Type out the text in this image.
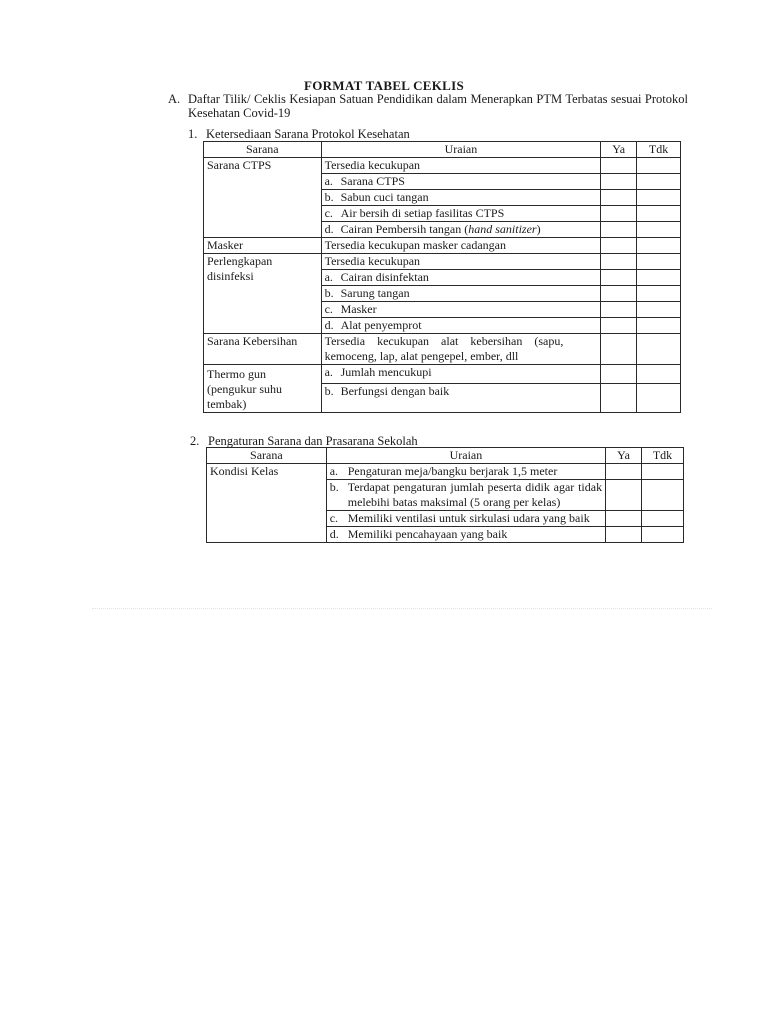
FORMAT TABEL CEKLIS
A. Daftar Tilik/ Ceklis Kesiapan Satuan Pendidikan dalam Menerapkan PTM Terbatas sesuai Protokol Kesehatan Covid-19
1. Ketersediaan Sarana Protokol Kesehatan
Sarana	Uraian	Ya	Tdk
Sarana CTPS	Tersedia kecukupan		
	a. Sarana CTPS		
	b. Sabun cuci tangan		
	c. Air bersih di setiap fasilitas CTPS		
	d. Cairan Pembersih tangan (hand sanitizer)		
Masker	Tersedia kecukupan masker cadangan		

Perlengkapan
disinfeksi	Tersedia kecukupan		
	a. Cairan disinfektan		
	b. Sarung tangan		
	c. Masker		
	d. Alat penyemprot		
Sarana Kebersihan	Tersedia    kecukupan    alat    kebersihan    (sapu,
kemoceng, lap, alat pengepel, ember, dll		

Thermo gun
(pengukur suhu tembak)	a. Jumlah mencukupi		
	b. Berfungsi dengan baik		
2. Pengaturan Sarana dan Prasarana Sekolah
Sarana	Uraian	Ya	Tdk
Kondisi Kelas	a. Pengaturan meja/bangku berjarak 1,5 meter		

	b. Terdapat pengaturan jumlah peserta didik agar tidak melebihi batas maksimal (5 orang per kelas)		

	c. Memiliki ventilasi untuk sirkulasi udara yang baik		

	d. Memiliki pencahayaan yang baik		
